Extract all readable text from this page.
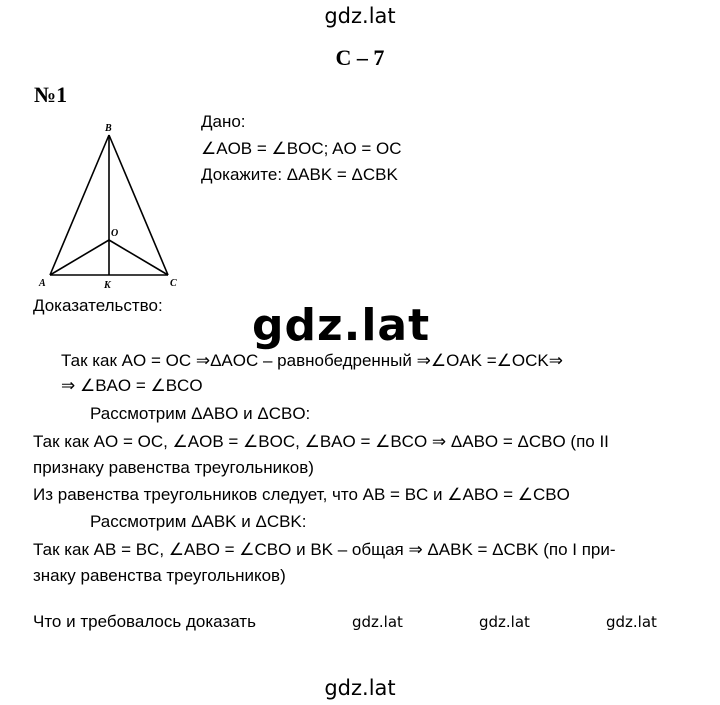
gdz.lat
С – 7
№1
B
O
A	K	C
Дано:
∠AOB = ∠BOC; AO = OC
Докажите: ΔABK = ΔCBK
Доказательство: gdz.lat
Так как AO = OC ⇒ΔAOC – равнобедренный ⇒∠OAK =∠OCK⇒
⇒ ∠BAO = ∠BCO
Рассмотрим ΔABO и ΔCBO:
Так как AO = OC, ∠AOB = ∠BOC, ∠BAO = ∠BCO ⇒ ΔABO = ΔCBO (по II
признаку равенства треугольников)
Из равенства треугольников следует, что AB = BC и ∠ABO = ∠CBO
Рассмотрим ΔABK и ΔCBK:
Так как AB = BC, ∠ABO = ∠CBO и BK – общая ⇒ ΔABK = ΔCBK (по I при-
знаку равенства треугольников)
Что и требовалось доказать	gdz.lat	gdz.lat	gdz.lat
gdz.lat
